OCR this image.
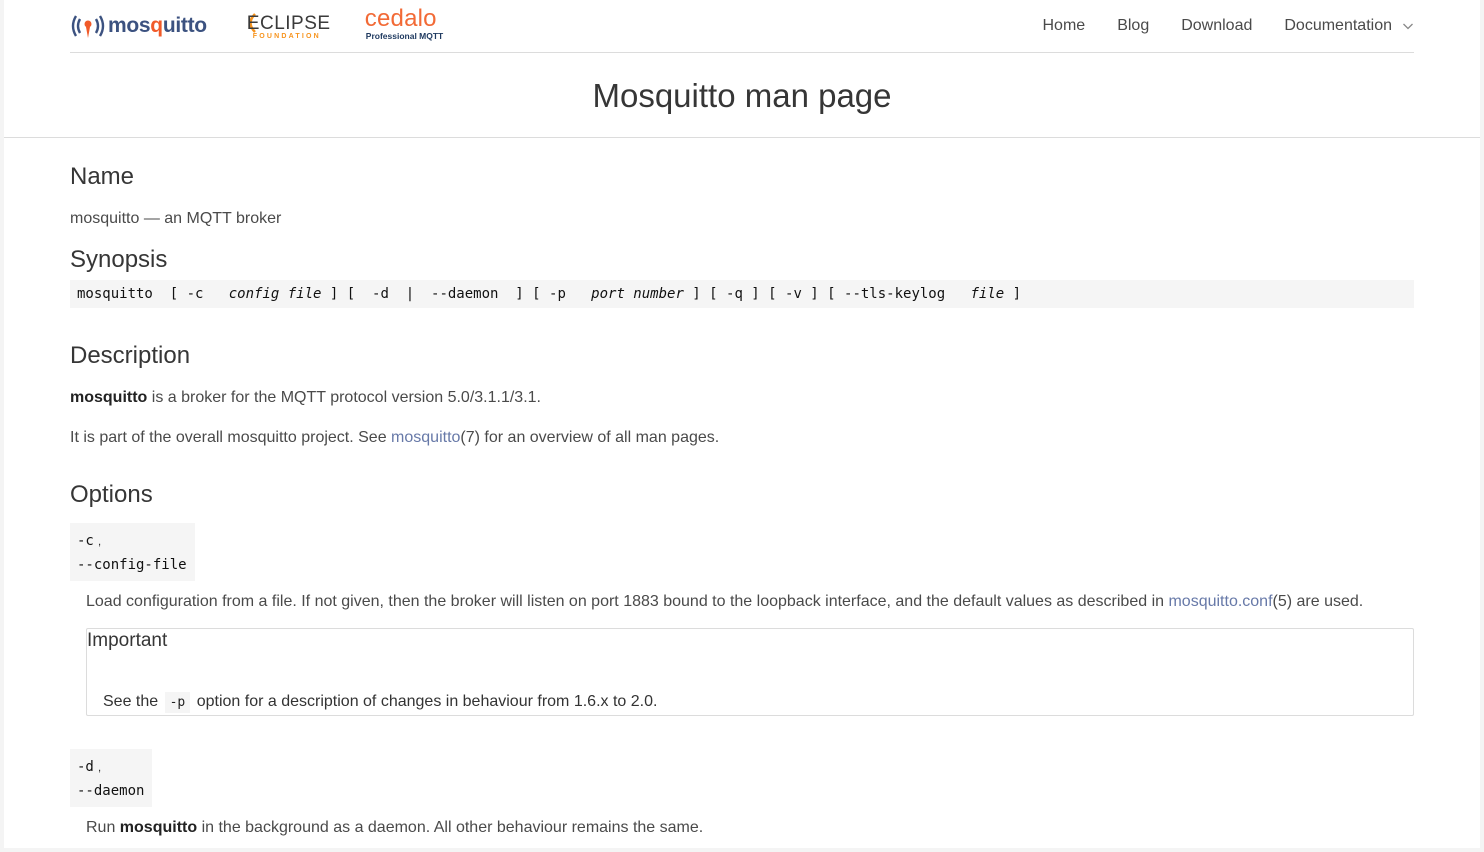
mosquitto ECLIPSE
FOUNDATION
cedalo
Professional MQTT
Home Blog Download Documentation
Mosquitto man page
Name

mosquitto — an MQTT broker

Synopsis
mosquitto  [ -c   config file ] [  -d  |  --daemon  ] [ -p   port number ] [ -q ] [ -v ] [ --tls-keylog   file ]
Description

mosquitto is a broker for the MQTT protocol version 5.0/3.1.1/3.1.

It is part of the overall mosquitto project. See mosquitto(7) for an overview of all man pages.

Options
-c ,
--config-file

Load configuration from a file. If not given, then the broker will listen on port 1883 bound to the loopback interface, and the default values as described in mosquitto.conf(5) are used.

Important
See the -p option for a description of changes in behaviour from 1.6.x to 2.0.
-d ,
--daemon

Run mosquitto in the background as a daemon. All other behaviour remains the same.
